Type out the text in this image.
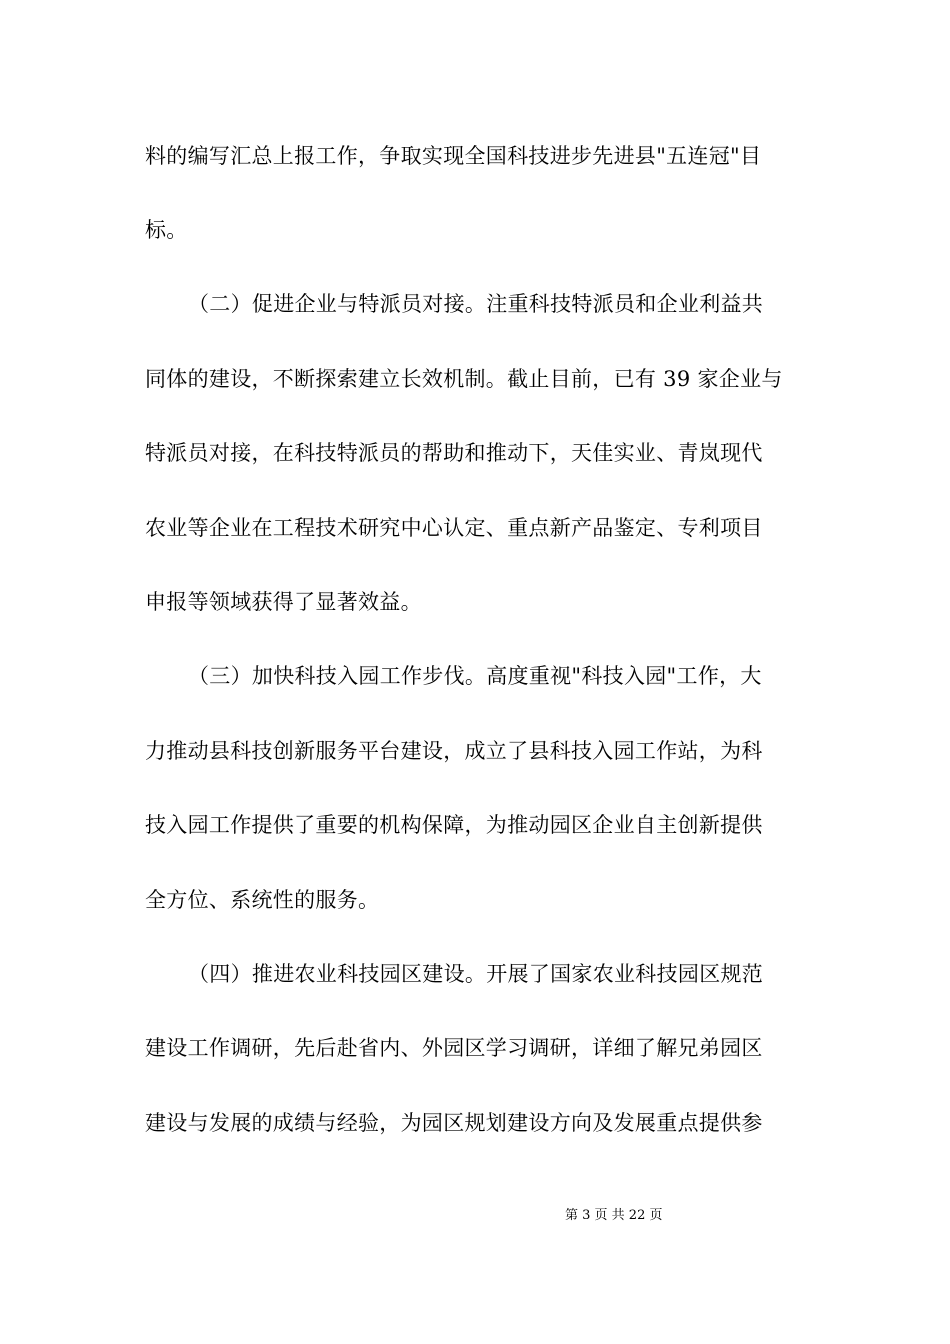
料的编写汇总上报工作，争取实现全国科技进步先进县"五连冠"目
标。
（二）促进企业与特派员对接。注重科技特派员和企业利益共
同体的建设，不断探索建立长效机制。截止目前，已有 39 家企业与
特派员对接，在科技特派员的帮助和推动下，天佳实业、青岚现代
农业等企业在工程技术研究中心认定、重点新产品鉴定、专利项目
申报等领域获得了显著效益。
（三）加快科技入园工作步伐。高度重视"科技入园"工作，大
力推动县科技创新服务平台建设，成立了县科技入园工作站，为科
技入园工作提供了重要的机构保障，为推动园区企业自主创新提供
全方位、系统性的服务。
（四）推进农业科技园区建设。开展了国家农业科技园区规范
建设工作调研，先后赴省内、外园区学习调研，详细了解兄弟园区
建设与发展的成绩与经验，为园区规划建设方向及发展重点提供参
第 3 页 共 22 页
